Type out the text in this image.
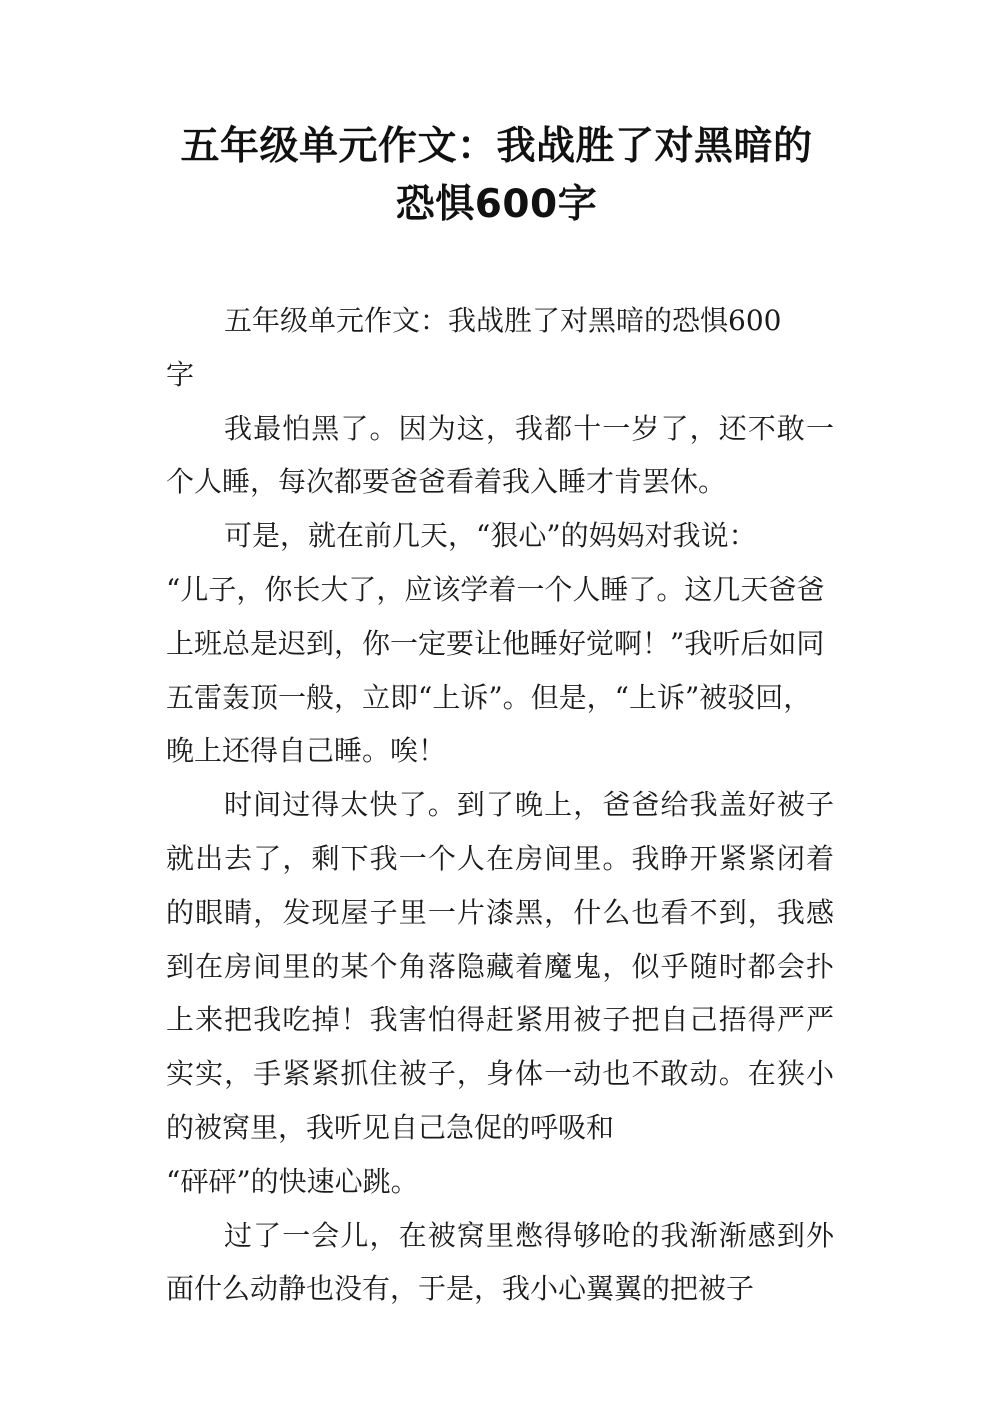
五年级单元作文：我战胜了对黑暗的
恐惧600字

五年级单元作文：我战胜了对黑暗的恐惧600

字

我最怕黑了。因为这，我都十一岁了，还不敢一个人睡，每次都要爸爸看着我入睡才肯罢休。

可是，就在前几天，“狠心”的妈妈对我说：

“儿子，你长大了，应该学着一个人睡了。这几天爸爸上班总是迟到，你一定要让他睡好觉啊！”我听后如同五雷轰顶一般，立即“上诉”。但是，“上诉”被驳回，晚上还得自己睡。唉！

时间过得太快了。到了晚上，爸爸给我盖好被子就出去了，剩下我一个人在房间里。我睁开紧紧闭着的眼睛，发现屋子里一片漆黑，什么也看不到，我感到在房间里的某个角落隐藏着魔鬼，似乎随时都会扑上来把我吃掉！我害怕得赶紧用被子把自己捂得严严实实，手紧紧抓住被子，身体一动也不敢动。在狭小的被窝里，我听见自己急促的呼吸和

“砰砰”的快速心跳。

过了一会儿，在被窝里憋得够呛的我渐渐感到外面什么动静也没有，于是，我小心翼翼的把被子
